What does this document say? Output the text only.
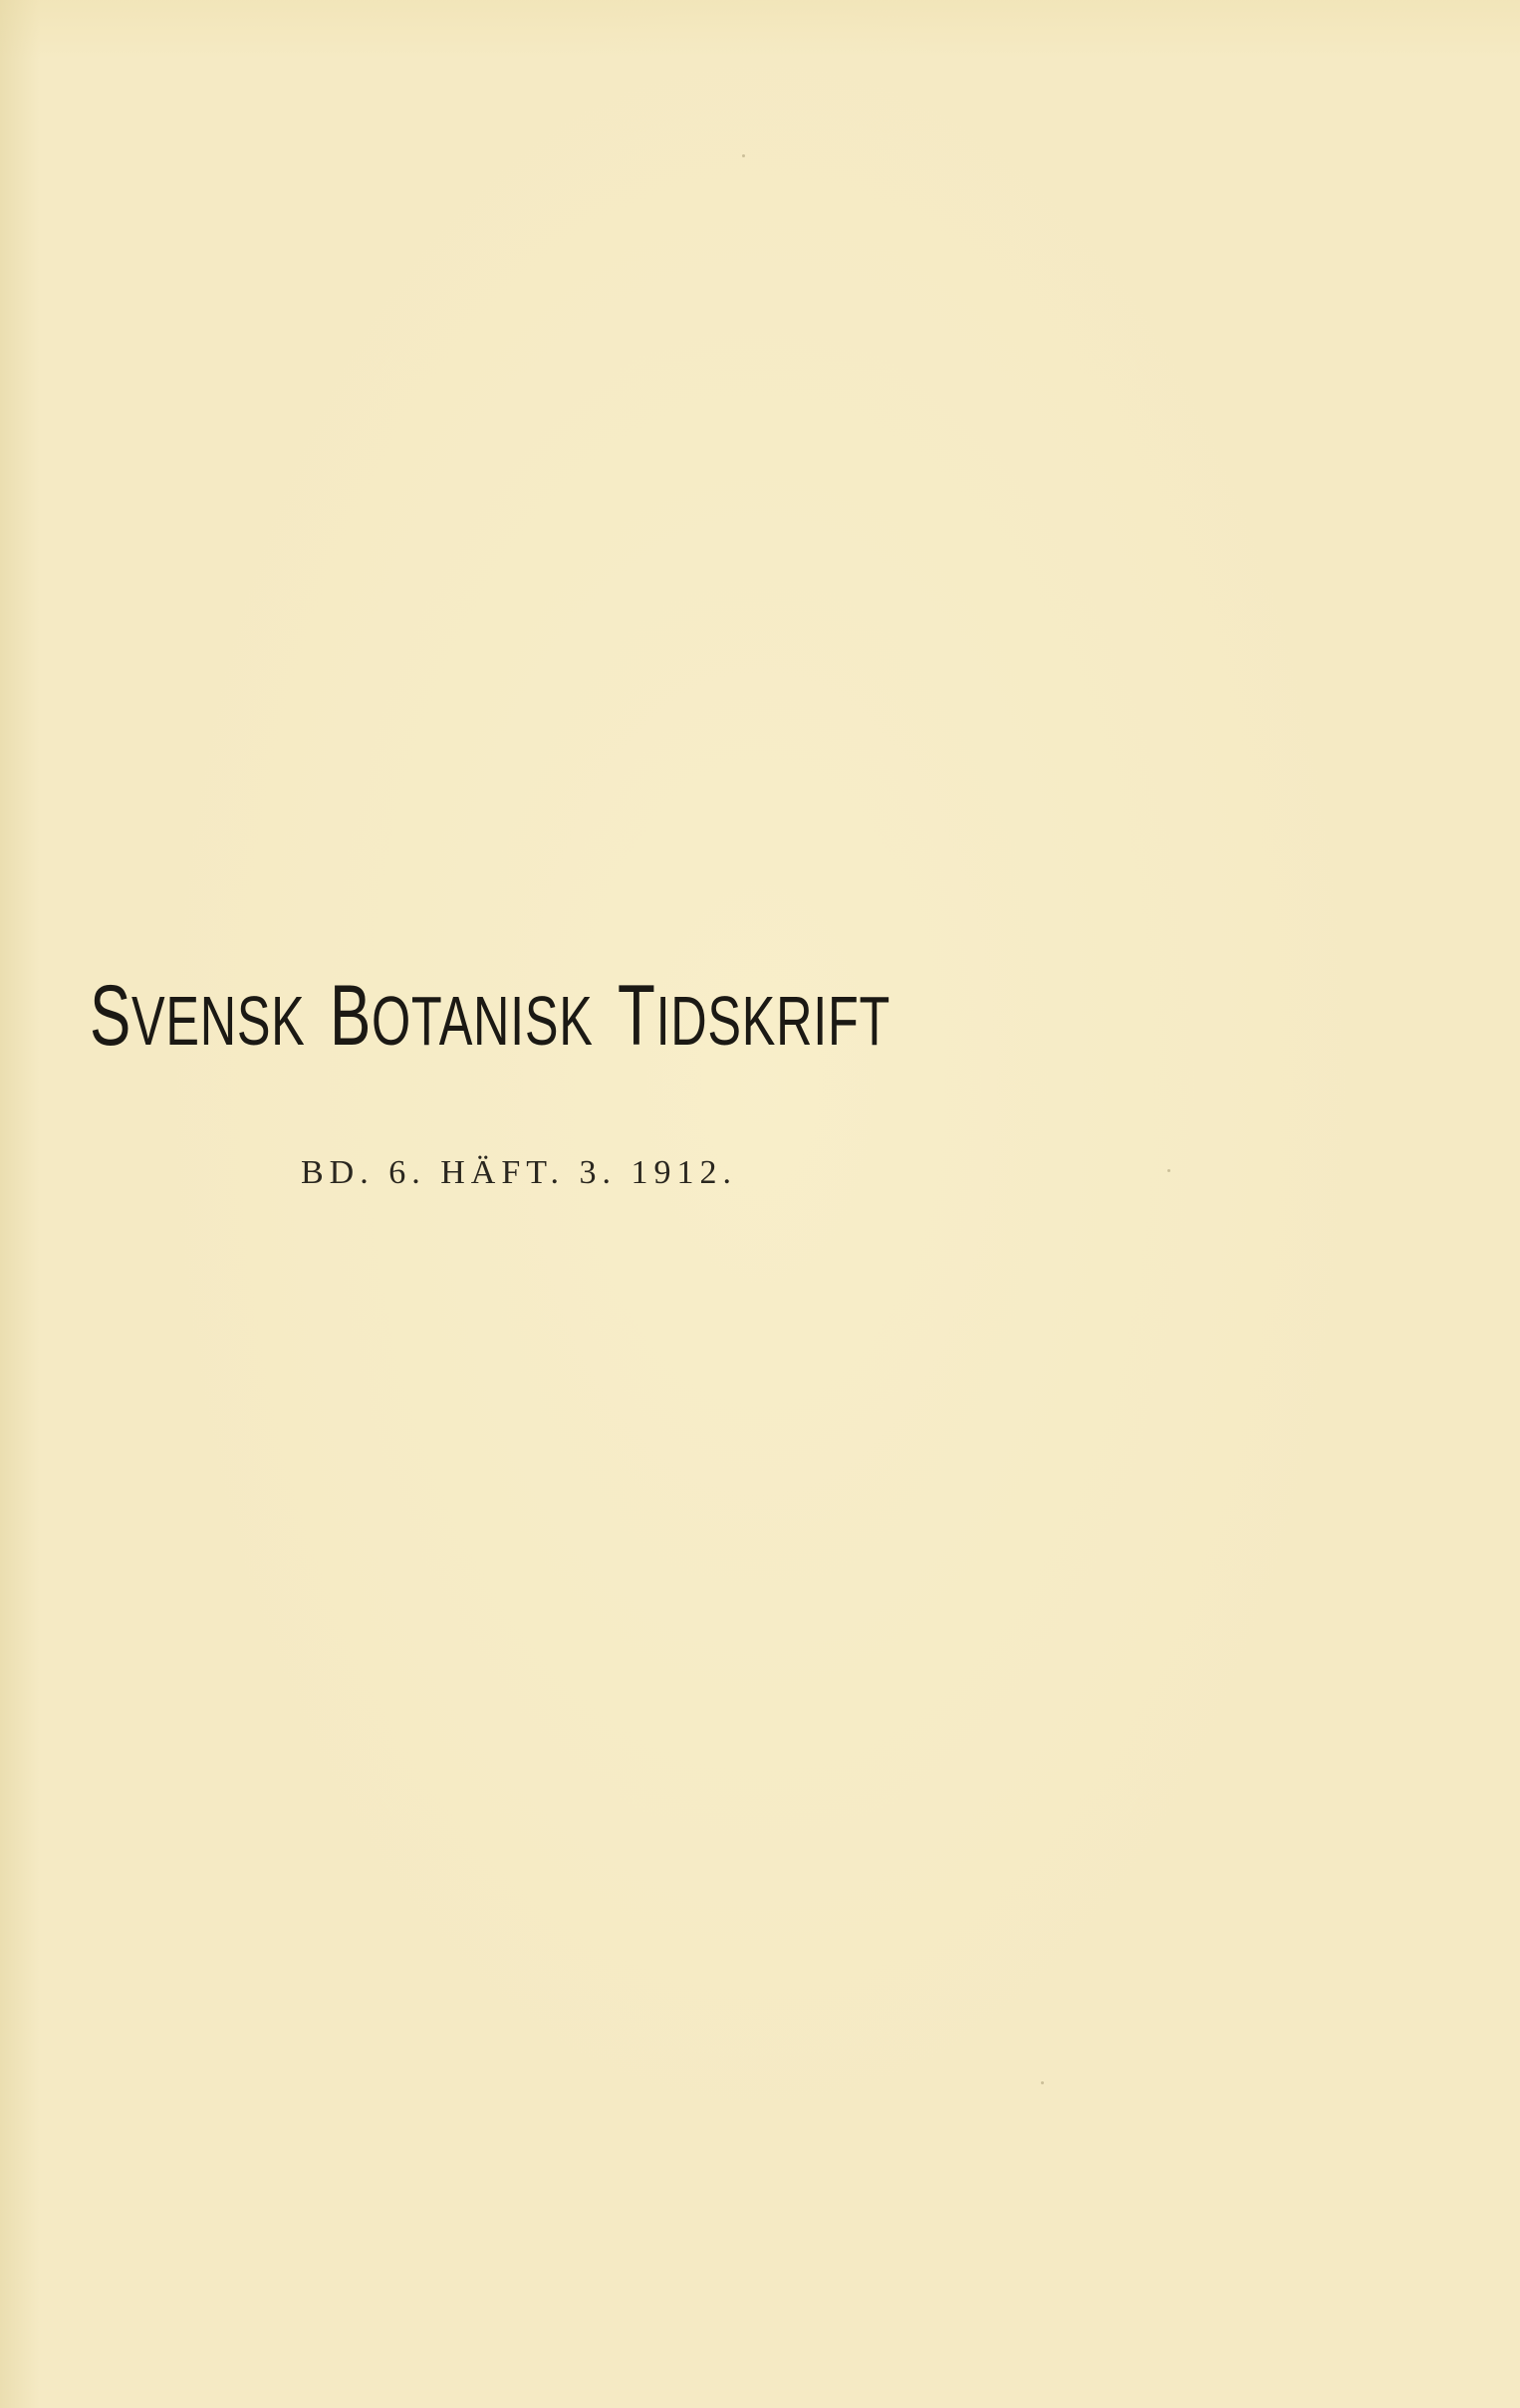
SVENSK BOTANISK TIDSKRIFT

BD. 6. HÄFT. 3. 1912.
